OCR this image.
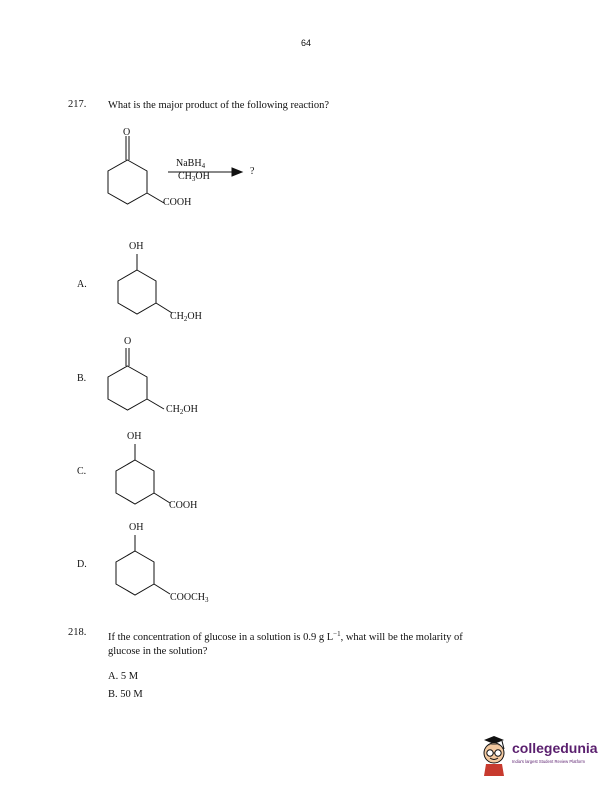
64
217. What is the major product of the following reaction?
O
COOH
NaBH$_4$
$CH_3OH$	?
A.
OH
$CH_2OH$
B.
O
$CH_2OH$
C.
OH
COOH
D.
OH
$COOCH_3$
218. If the concentration of glucose in a solution is 0.9 g $L^{-1}$, what will be the molarity of
glucose in the solution?
A. 5 M
B. 50 M
collegedunia
India's largest Student Review Platform
